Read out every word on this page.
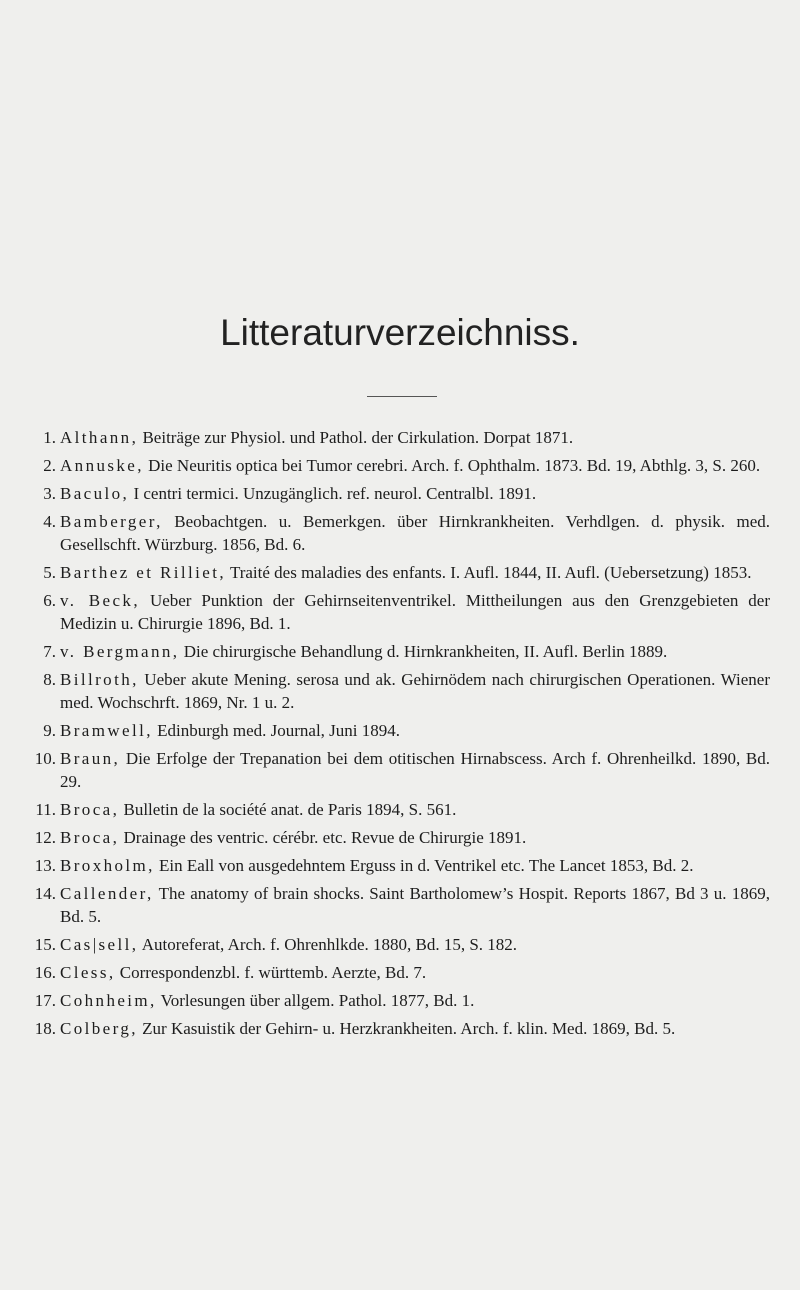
Litteraturverzeichniss.
1. Althann, Beiträge zur Physiol. und Pathol. der Cirkulation. Dorpat 1871.
2. Annuske, Die Neuritis optica bei Tumor cerebri. Arch. f. Ophthalm. 1873. Bd. 19, Abthlg. 3, S. 260.
3. Baculo, I centri termici. Unzugänglich. ref. neurol. Centralbl. 1891.
4. Bamberger, Beobachtgen. u. Bemerkgen. über Hirnkrankheiten. Verhdlgen. d. physik. med. Gesellschft. Würzburg. 1856, Bd. 6.
5. Barthez et Rilliet, Traité des maladies des enfants. I. Aufl. 1844, II. Aufl. (Uebersetzung) 1853.
6. v. Beck, Ueber Punktion der Gehirnseitenventrikel. Mittheilungen aus den Grenzgebieten der Medizin u. Chirurgie 1896, Bd. 1.
7. v. Bergmann, Die chirurgische Behandlung d. Hirnkrankheiten, II. Aufl. Berlin 1889.
8. Billroth, Ueber akute Mening. serosa und ak. Gehirnödem nach chirurgischen Operationen. Wiener med. Wochschrft. 1869, Nr. 1 u. 2.
9. Bramwell, Edinburgh med. Journal, Juni 1894.
10. Braun, Die Erfolge der Trepanation bei dem otitischen Hirnabscess. Arch f. Ohrenheilkd. 1890, Bd. 29.
11. Broca, Bulletin de la société anat. de Paris 1894, S. 561.
12. Broca, Drainage des ventric. cérébr. etc. Revue de Chirurgie 1891.
13. Broxholm, Ein Eall von ausgedehntem Erguss in d. Ventrikel etc. The Lancet 1853, Bd. 2.
14. Callender, The anatomy of brain shocks. Saint Bartholomew’s Hospit. Reports 1867, Bd 3 u. 1869, Bd. 5.
15. Cas|sell, Autoreferat, Arch. f. Ohrenhlkde. 1880, Bd. 15, S. 182.
16. Cless, Correspondenzbl. f. württemb. Aerzte, Bd. 7.
17. Cohnheim, Vorlesungen über allgem. Pathol. 1877, Bd. 1.
18. Colberg, Zur Kasuistik der Gehirn- u. Herzkrankheiten. Arch. f. klin. Med. 1869, Bd. 5.
